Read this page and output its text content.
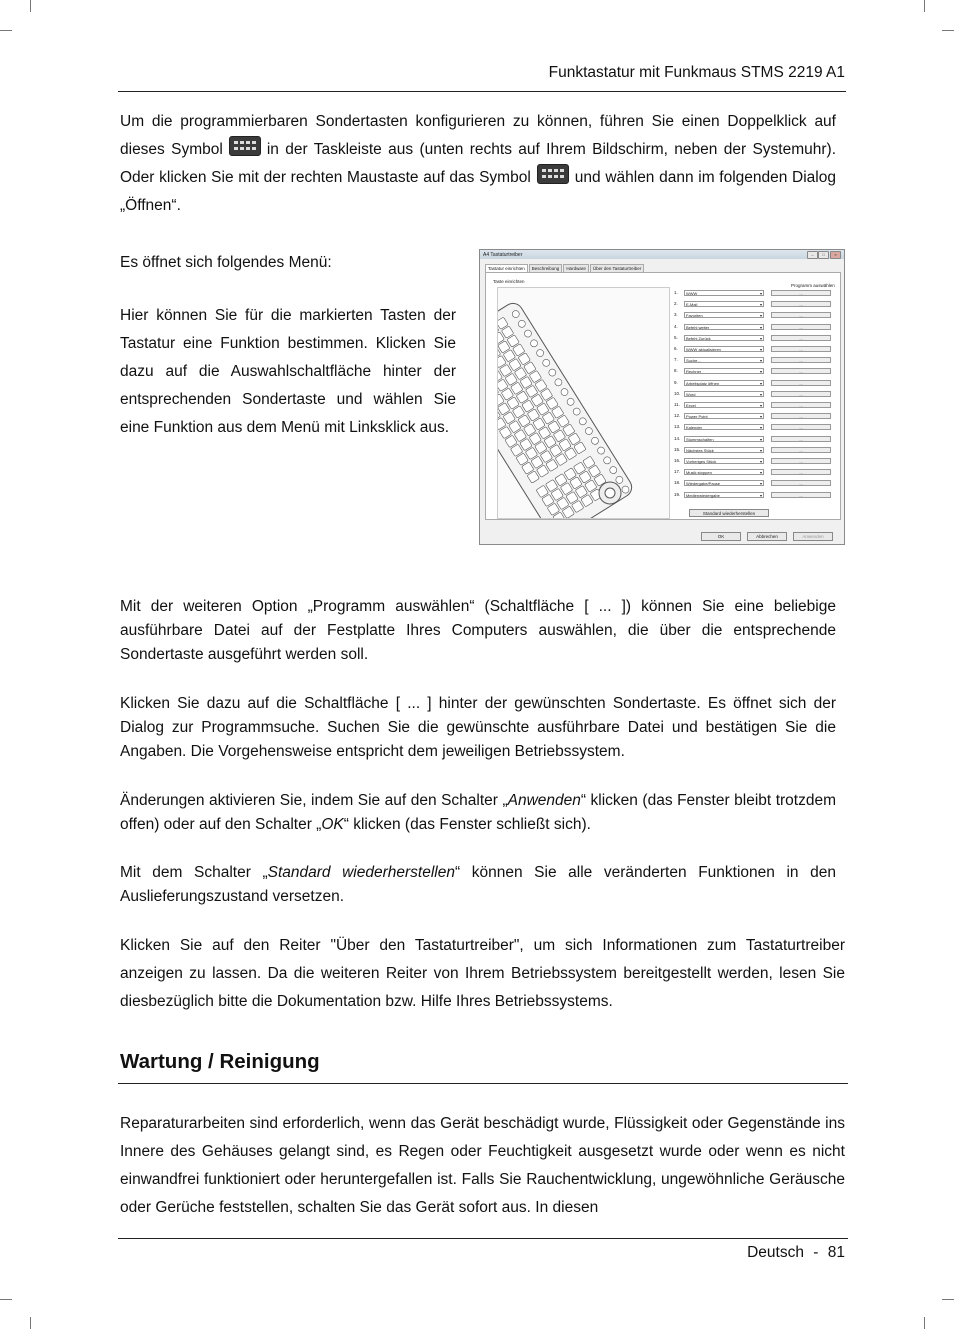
Funktastatur mit Funkmaus STMS 2219 A1
Um die programmierbaren Sondertasten konfigurieren zu können, führen Sie einen Doppelklick auf dieses Symbol	in der Taskleiste aus (unten rechts auf Ihrem Bildschirm, neben der Systemuhr). Oder klicken Sie mit der rechten Maustaste auf das Symbol	und wählen dann im folgenden Dialog „Öffnen“.
Es öffnet sich folgendes Menü:
Hier können Sie für die markierten Tasten der Tastatur eine Funktion bestimmen. Klicken Sie dazu auf die Auswahlschaltfläche hinter der entsprechenden Sondertaste und wählen Sie eine Funktion aus dem Menü mit Linksklick aus.
A4 Tastaturtreiber	–	□	×
Tastatur einrichten Beschreibung Hardware Über den Tastaturtreiber
Taste einrichten
Programm auswählen
1.	WWW	▾	...
2.	E-Mail	▾	...
3.	Favoriten	▾	...
4.	Befehl weiter	▾	...
5.	Befehl Zurück	▾	...
6.	WWW aktualisieren	▾	...
7.	Suche...	▾	...
8.	Rechner	▾	...
9.	Arbeitsplatz öffnen	▾	...
10.	Word	▾	...
11.	Excel	▾	...
12.	Power Point	▾	...
13.	Kalender	▾	...
14.	Stummschalten	▾	...
15.	Nächstes Stück	▾	...
16.	Vorheriges Stück	▾	...
17.	Musik stoppen	▾	...
18.	Wiedergabe/Pause	▾	...
19.	Medienwiedergabe	▾	...
Standard wiederherstellen
OK	Abbrechen	Anwenden
Mit der weiteren Option „Programm auswählen“ (Schaltfläche [ ... ]) können Sie eine beliebige ausführbare Datei auf der Festplatte Ihres Computers auswählen, die über die entsprechende Sondertaste ausgeführt werden soll.
Klicken Sie dazu auf die Schaltfläche [ ... ] hinter der gewünschten Sondertaste. Es öffnet sich der Dialog zur Programmsuche. Suchen Sie die gewünschte ausführbare Datei und bestätigen Sie die Angaben. Die Vorgehensweise entspricht dem jeweiligen Betriebssystem.
Änderungen aktivieren Sie, indem Sie auf den Schalter „Anwenden“ klicken (das Fenster bleibt trotzdem offen) oder auf den Schalter „OK“ klicken (das Fenster schließt sich).
Mit dem Schalter „Standard wiederherstellen“ können Sie alle veränderten Funktionen in den Auslieferungszustand versetzen.
Klicken Sie auf den Reiter "Über den Tastaturtreiber", um sich Informationen zum Tastaturtreiber anzeigen zu lassen. Da die weiteren Reiter von Ihrem Betriebssystem bereitgestellt werden, lesen Sie diesbezüglich bitte die Dokumentation bzw. Hilfe Ihres Betriebssystems.
Wartung / Reinigung
Reparaturarbeiten sind erforderlich, wenn das Gerät beschädigt wurde, Flüssigkeit oder Gegenstände ins Innere des Gehäuses gelangt sind, es Regen oder Feuchtigkeit ausgesetzt wurde oder wenn es nicht einwandfrei funktioniert oder heruntergefallen ist. Falls Sie Rauchentwicklung, ungewöhnliche Geräusche oder Gerüche feststellen, schalten Sie das Gerät sofort aus. In diesen
Deutsch - 81
